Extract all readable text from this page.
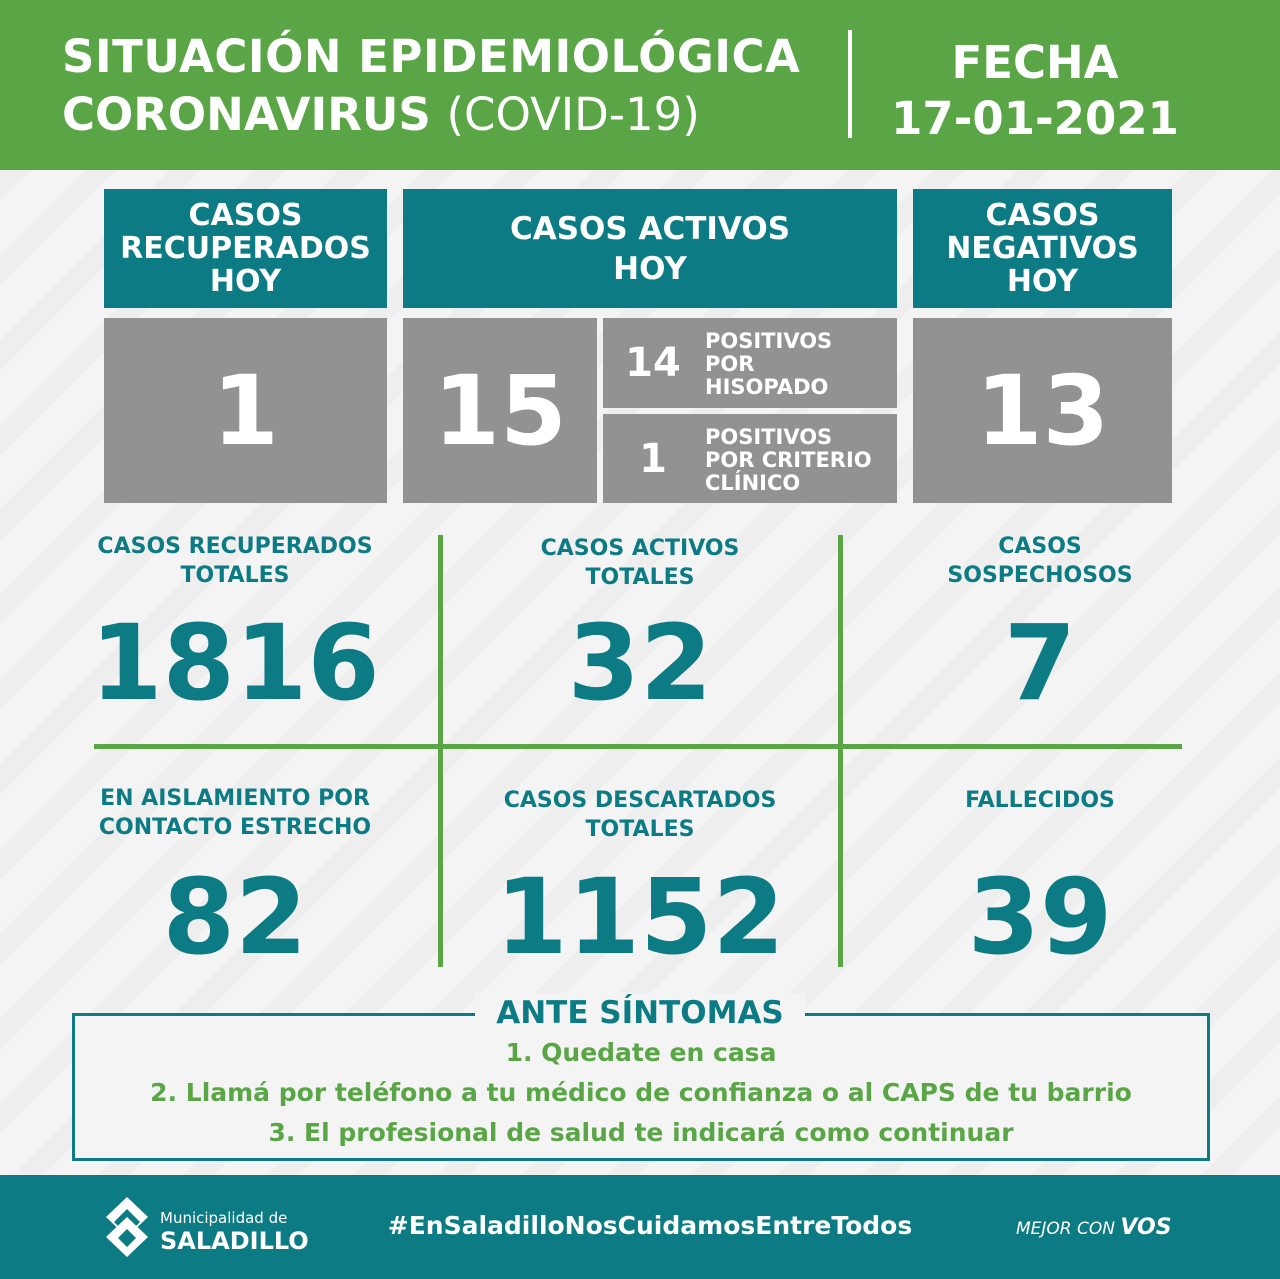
SITUACIÓN EPIDEMIOLÓGICA
CORONAVIRUS (COVID-19)
FECHA
17-01-2021
CASOS
RECUPERADOS
HOY
1
CASOS ACTIVOS
HOY
15 14 POSITIVOS
POR
HISOPADO
1	POSITIVOS
POR CRITERIO
CLÍNICO
CASOS
NEGATIVOS
HOY
13
CASOS RECUPERADOS
TOTALES
1816
CASOS ACTIVOS
TOTALES
32
CASOS
SOSPECHOSOS
7
EN AISLAMIENTO POR
CONTACTO ESTRECHO
82
CASOS DESCARTADOS
TOTALES
1152
FALLECIDOS
39
ANTE SÍNTOMAS
1. Quedate en casa
2. Llamá por teléfono a tu médico de confianza o al CAPS de tu barrio
3. El profesional de salud te indicará como continuar
Municipalidad de
SALADILLO
#EnSaladilloNosCuidamosEntreTodos	MEJOR CON VOS
